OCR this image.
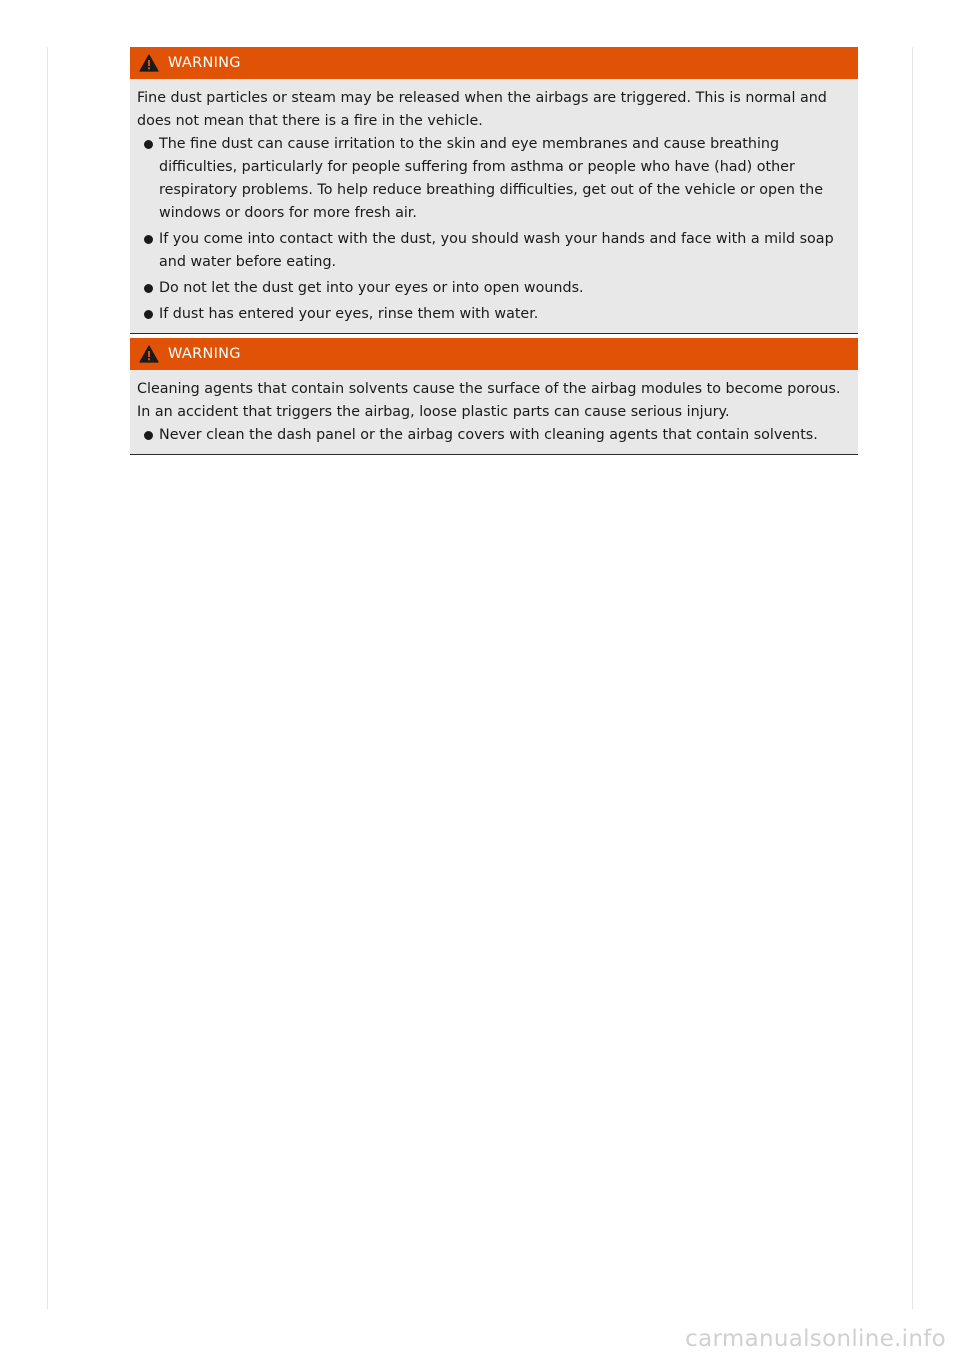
WARNING

Fine dust particles or steam may be released when the airbags are triggered. This is normal and does not mean that there is a fire in the vehicle.

The fine dust can cause irritation to the skin and eye membranes and cause breathing difficulties, particularly for people suffering from asthma or people who have (had) other respiratory problems. To help reduce breathing difficulties, get out of the vehicle or open the windows or doors for more fresh air.
If you come into contact with the dust, you should wash your hands and face with a mild soap and water before eating.
Do not let the dust get into your eyes or into open wounds.
If dust has entered your eyes, rinse them with water.
WARNING

Cleaning agents that contain solvents cause the surface of the airbag modules to become porous. In an accident that triggers the airbag, loose plastic parts can cause serious injury.

Never clean the dash panel or the airbag covers with cleaning agents that contain solvents.
carmanualsonline.info
